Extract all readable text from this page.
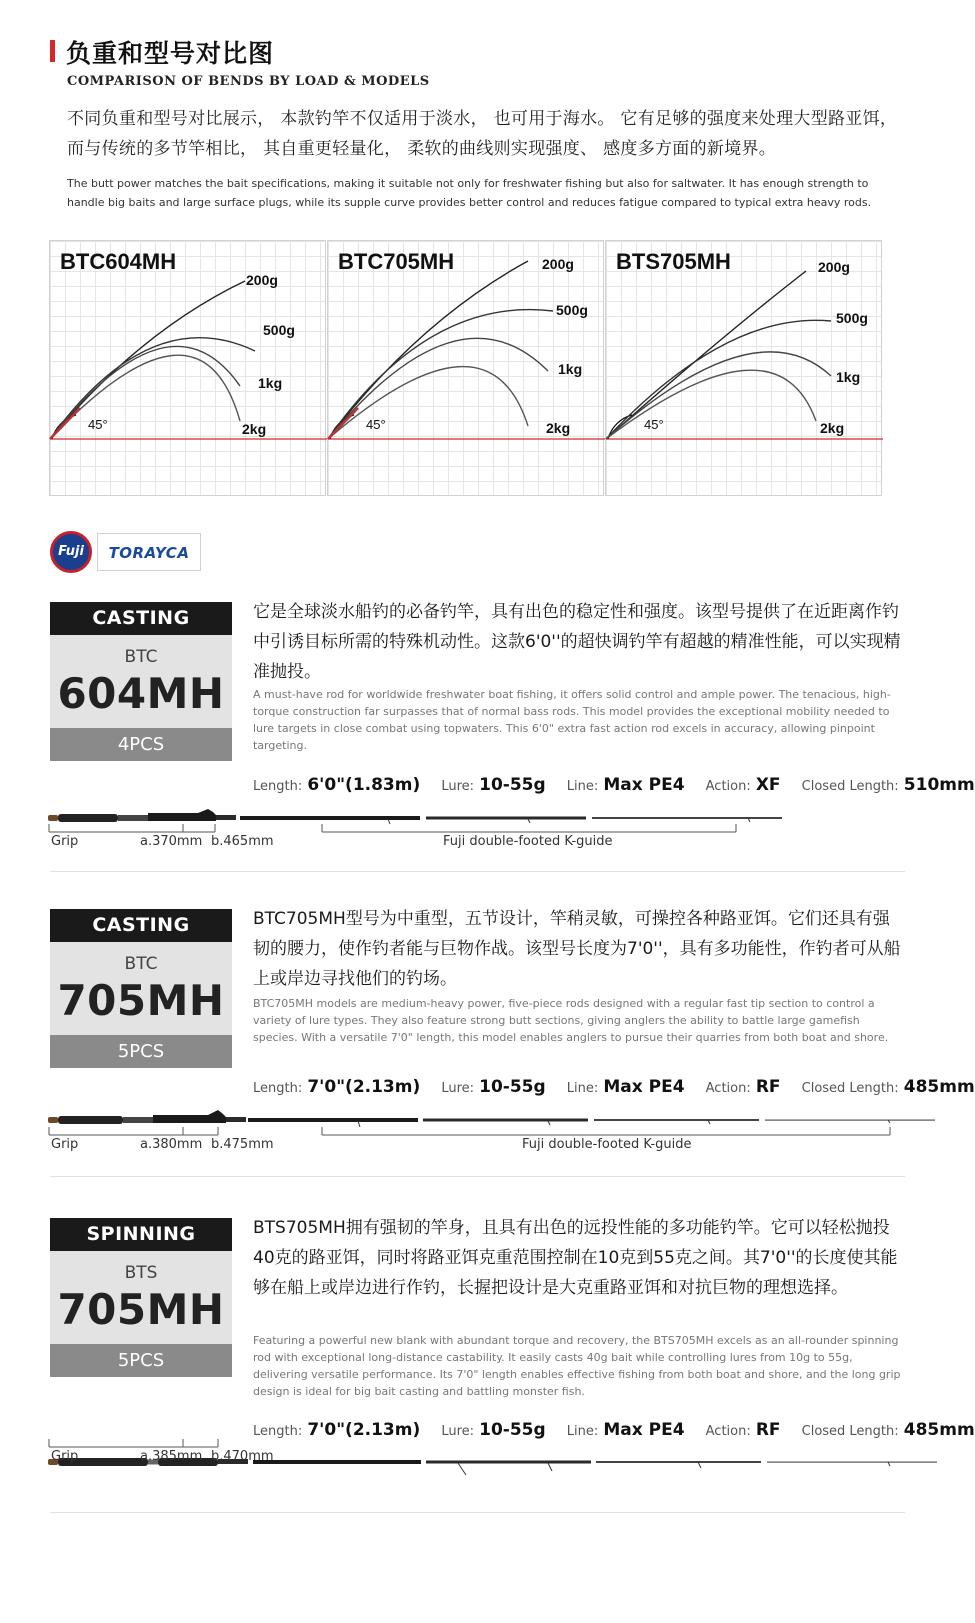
负重和型号对比图
COMPARISON OF BENDS BY LOAD & MODELS
不同负重和型号对比展示， 本款钓竿不仅适用于淡水， 也可用于海水。 它有足够的强度来处理大型路亚饵， 而与传统的多节竿相比， 其自重更轻量化， 柔软的曲线则实现强度、 感度多方面的新境界。
The butt power matches the bait specifications, making it suitable not only for freshwater fishing but also for saltwater. It has enough strength to handle big baits and large surface plugs, while its supple curve provides better control and reduces fatigue compared to typical extra heavy rods.
BTC604MH
45°
200g
500g
1kg
2kg
BTC705MH
45°
200g
500g
1kg
2kg
BTS705MH
45°
200g
500g
1kg
2kg
Fuji	TORAYCA
CASTING
BTC
604MH
4PCS
它是全球淡水船钓的必备钓竿，具有出色的稳定性和强度。该型号提供了在近距离作钓中引诱目标所需的特殊机动性。这款6'0''的超快调钓竿有超越的精准性能，可以实现精准抛投。
A must-have rod for worldwide freshwater boat fishing, it offers solid control and ample power. The tenacious, high-torque construction far surpasses that of normal bass rods. This model provides the exceptional mobility needed to lure targets in close combat using topwaters. This 6'0" extra fast action rod excels in accuracy, allowing pinpoint targeting.
Length: 6'0"(1.83m) Lure: 10-55g Line: Max PE4 Action: XF Closed Length: 510mm
Grip	a.370mm b.465mm	Fuji double-footed K-guide
CASTING
BTC
705MH
5PCS
BTC705MH型号为中重型，五节设计，竿稍灵敏，可操控各种路亚饵。它们还具有强韧的腰力，使作钓者能与巨物作战。该型号长度为7'0''，具有多功能性，作钓者可从船上或岸边寻找他们的钓场。
BTC705MH models are medium-heavy power, five-piece rods designed with a regular fast tip section to control a variety of lure types. They also feature strong butt sections, giving anglers the ability to battle large gamefish species. With a versatile 7'0" length, this model enables anglers to pursue their quarries from both boat and shore.
Length: 7'0"(2.13m) Lure: 10-55g Line: Max PE4 Action: RF Closed Length: 485mm
Grip	a.380mm b.475mm	Fuji double-footed K-guide
SPINNING
BTS
705MH
5PCS
BTS705MH拥有强韧的竿身，且具有出色的远投性能的多功能钓竿。它可以轻松抛投40克的路亚饵，同时将路亚饵克重范围控制在10克到55克之间。其7'0''的长度使其能够在船上或岸边进行作钓，长握把设计是大克重路亚饵和对抗巨物的理想选择。
Featuring a powerful new blank with abundant torque and recovery, the BTS705MH excels as an all-rounder spinning rod with exceptional long-distance castability. It easily casts 40g bait while controlling lures from 10g to 55g, delivering versatile performance. Its 7'0" length enables effective fishing from both boat and shore, and the long grip design is ideal for big bait casting and battling monster fish.
Length: 7'0"(2.13m) Lure: 10-55g Line: Max PE4 Action: RF Closed Length: 485mm
Grip	a.385mm b.470mm
